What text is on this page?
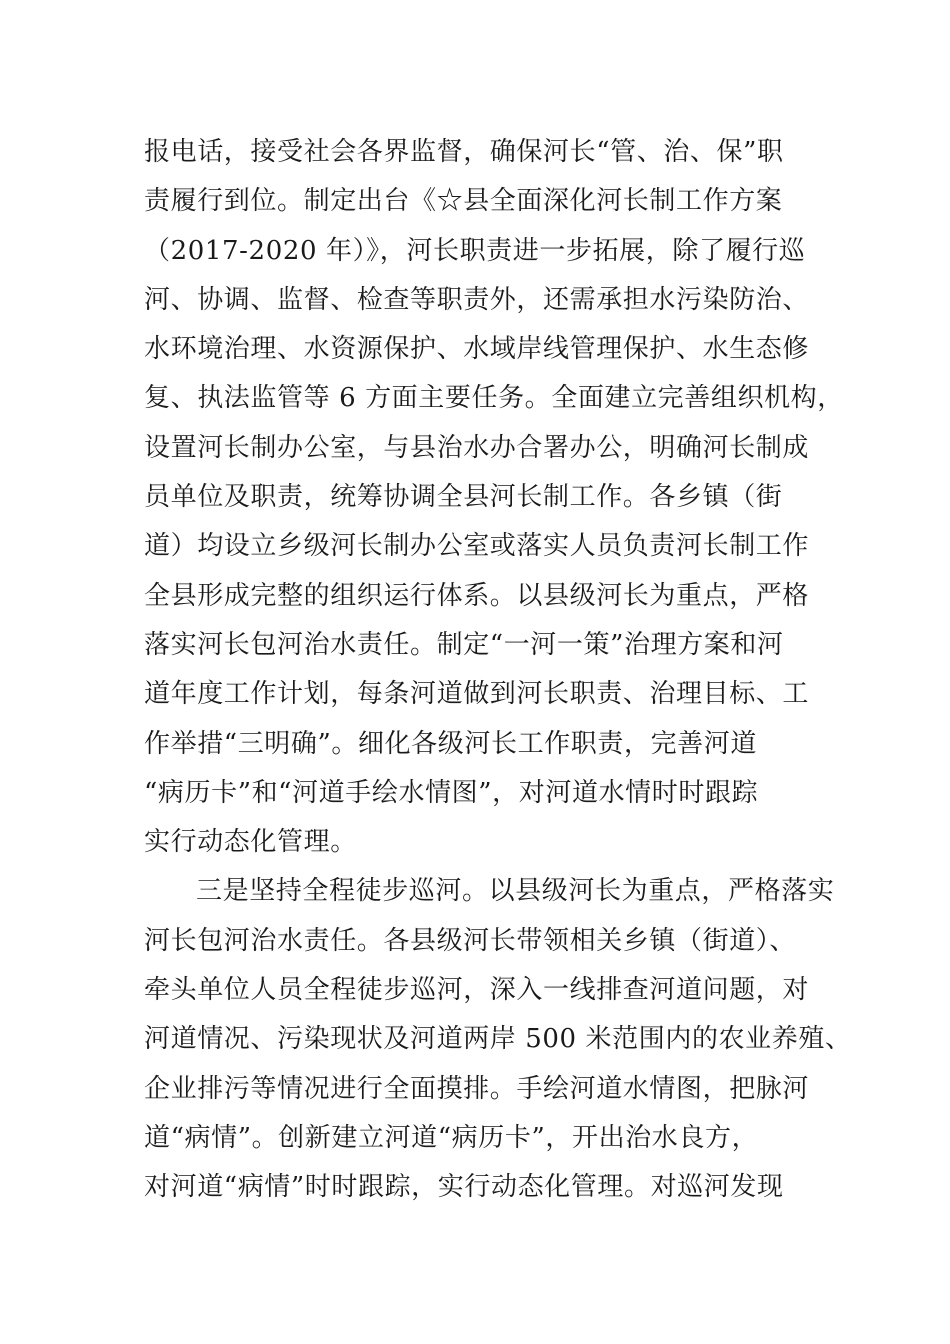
报电话，接受社会各界监督，确保河长“管、治、保”职
责履行到位。制定出台《☆县全面深化河长制工作方案
（2017-2020 年）》，河长职责进一步拓展，除了履行巡
河、协调、监督、检查等职责外，还需承担水污染防治、
水环境治理、水资源保护、水域岸线管理保护、水生态修
复、执法监管等 6 方面主要任务。全面建立完善组织机构，
设置河长制办公室，与县治水办合署办公，明确河长制成
员单位及职责，统筹协调全县河长制工作。各乡镇（街
道）均设立乡级河长制办公室或落实人员负责河长制工作
全县形成完整的组织运行体系。以县级河长为重点，严格
落实河长包河治水责任。制定“一河一策”治理方案和河
道年度工作计划，每条河道做到河长职责、治理目标、工
作举措“三明确”。细化各级河长工作职责，完善河道
“病历卡”和“河道手绘水情图”，对河道水情时时跟踪
实行动态化管理。
三是坚持全程徒步巡河。以县级河长为重点，严格落实
河长包河治水责任。各县级河长带领相关乡镇（街道）、
牵头单位人员全程徒步巡河，深入一线排查河道问题，对
河道情况、污染现状及河道两岸 500 米范围内的农业养殖、
企业排污等情况进行全面摸排。手绘河道水情图，把脉河
道“病情”。创新建立河道“病历卡”，开出治水良方，
对河道“病情”时时跟踪，实行动态化管理。对巡河发现
